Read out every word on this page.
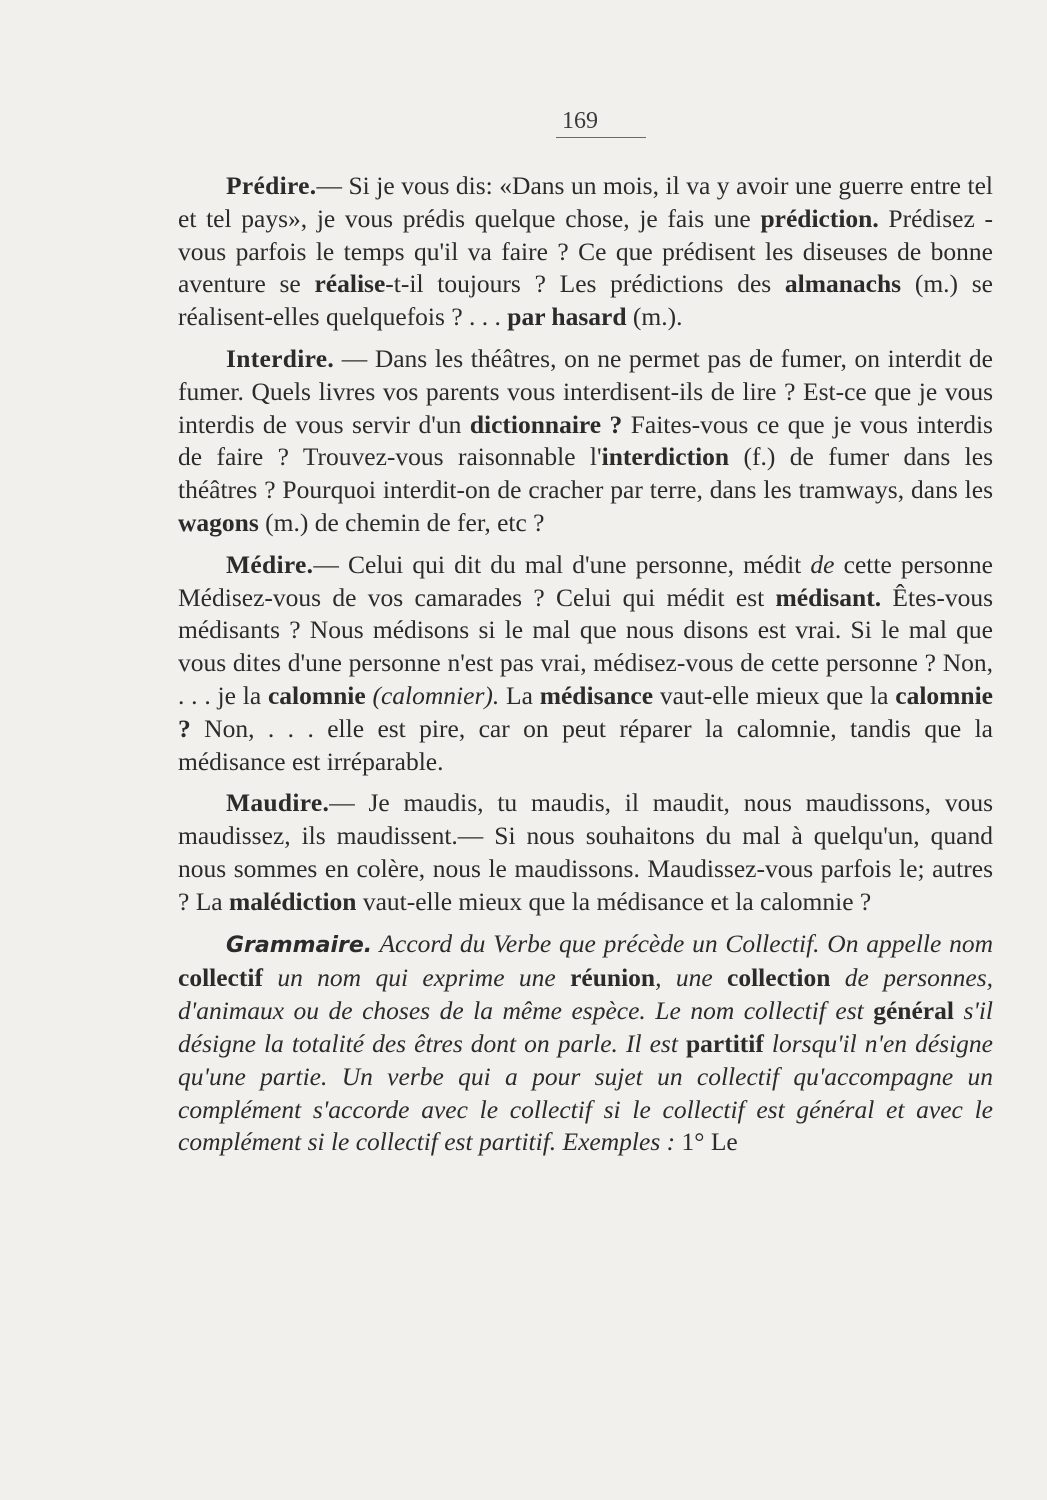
169

Prédire.— Si je vous dis: «Dans un mois, il va y avoir une guerre entre tel et tel pays», je vous prédis quelque chose, je fais une prédiction. Prédisez - vous parfois le temps qu'il va faire ? Ce que prédisent les diseuses de bonne aventure se réalise-t-il toujours ? Les prédictions des almanachs (m.) se réalisent-elles quelquefois ? . . . par hasard (m.).

Interdire. — Dans les théâtres, on ne permet pas de fumer, on interdit de fumer. Quels livres vos parents vous interdisent-ils de lire ? Est-ce que je vous interdis de vous servir d'un dictionnaire ? Faites-vous ce que je vous interdis de faire ? Trouvez-vous raisonnable l'interdiction (f.) de fumer dans les théâtres ? Pourquoi interdit-on de cracher par terre, dans les tramways, dans les wagons (m.) de chemin de fer, etc ?

Médire.— Celui qui dit du mal d'une personne, médit de cette personne Médisez-vous de vos camarades ? Celui qui médit est médisant. Êtes-vous médisants ? Nous médisons si le mal que nous disons est vrai. Si le mal que vous dites d'une personne n'est pas vrai, médisez-vous de cette personne ? Non, . . . je la calomnie (calomnier). La médisance vaut-elle mieux que la calomnie ? Non, . . . elle est pire, car on peut réparer la calomnie, tandis que la médisance est irréparable.

Maudire.— Je maudis, tu maudis, il maudit, nous maudissons, vous maudissez, ils maudissent.— Si nous souhaitons du mal à quelqu'un, quand nous sommes en colère, nous le maudissons. Maudissez-vous parfois le; autres ? La malédiction vaut-elle mieux que la médisance et la calomnie ?

Grammaire. Accord du Verbe que précède un Collectif. On appelle nom collectif un nom qui exprime une réunion, une collection de personnes, d'animaux ou de choses de la même espèce. Le nom collectif est général s'il désigne la totalité des êtres dont on parle. Il est partitif lorsqu'il n'en désigne qu'une partie. Un verbe qui a pour sujet un collectif qu'accompagne un complément s'accorde avec le collectif si le collectif est général et avec le complément si le collectif est partitif. Exemples : 1° Le
